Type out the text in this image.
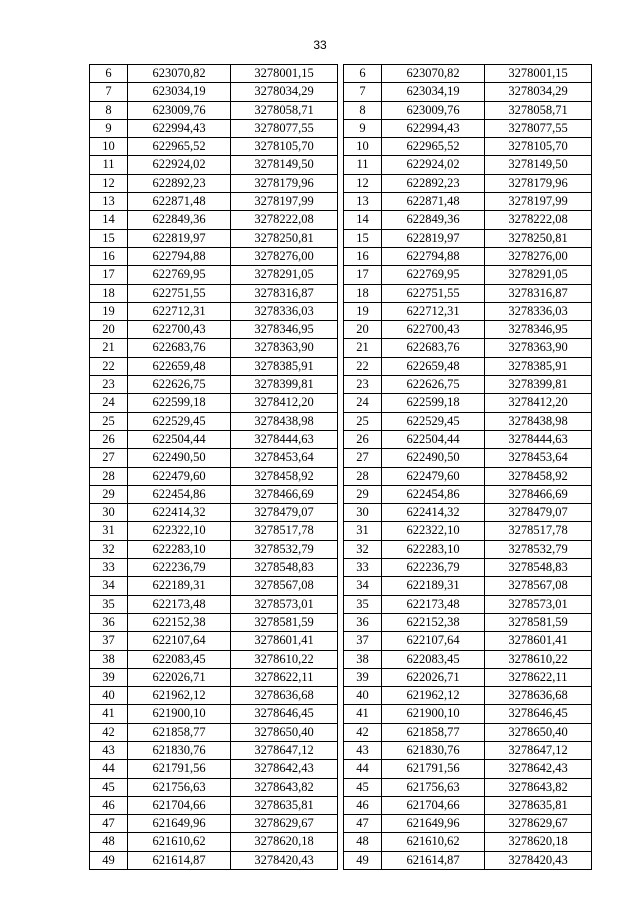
33
6	623070,82	3278001,15
7	623034,19	3278034,29
8	623009,76	3278058,71
9	622994,43	3278077,55
10	622965,52	3278105,70
11	622924,02	3278149,50
12	622892,23	3278179,96
13	622871,48	3278197,99
14	622849,36	3278222,08
15	622819,97	3278250,81
16	622794,88	3278276,00
17	622769,95	3278291,05
18	622751,55	3278316,87
19	622712,31	3278336,03
20	622700,43	3278346,95
21	622683,76	3278363,90
22	622659,48	3278385,91
23	622626,75	3278399,81
24	622599,18	3278412,20
25	622529,45	3278438,98
26	622504,44	3278444,63
27	622490,50	3278453,64
28	622479,60	3278458,92
29	622454,86	3278466,69
30	622414,32	3278479,07
31	622322,10	3278517,78
32	622283,10	3278532,79
33	622236,79	3278548,83
34	622189,31	3278567,08
35	622173,48	3278573,01
36	622152,38	3278581,59
37	622107,64	3278601,41
38	622083,45	3278610,22
39	622026,71	3278622,11
40	621962,12	3278636,68
41	621900,10	3278646,45
42	621858,77	3278650,40
43	621830,76	3278647,12
44	621791,56	3278642,43
45	621756,63	3278643,82
46	621704,66	3278635,81
47	621649,96	3278629,67
48	621610,62	3278620,18
49	621614,87	3278420,43
6	623070,82	3278001,15
7	623034,19	3278034,29
8	623009,76	3278058,71
9	622994,43	3278077,55
10	622965,52	3278105,70
11	622924,02	3278149,50
12	622892,23	3278179,96
13	622871,48	3278197,99
14	622849,36	3278222,08
15	622819,97	3278250,81
16	622794,88	3278276,00
17	622769,95	3278291,05
18	622751,55	3278316,87
19	622712,31	3278336,03
20	622700,43	3278346,95
21	622683,76	3278363,90
22	622659,48	3278385,91
23	622626,75	3278399,81
24	622599,18	3278412,20
25	622529,45	3278438,98
26	622504,44	3278444,63
27	622490,50	3278453,64
28	622479,60	3278458,92
29	622454,86	3278466,69
30	622414,32	3278479,07
31	622322,10	3278517,78
32	622283,10	3278532,79
33	622236,79	3278548,83
34	622189,31	3278567,08
35	622173,48	3278573,01
36	622152,38	3278581,59
37	622107,64	3278601,41
38	622083,45	3278610,22
39	622026,71	3278622,11
40	621962,12	3278636,68
41	621900,10	3278646,45
42	621858,77	3278650,40
43	621830,76	3278647,12
44	621791,56	3278642,43
45	621756,63	3278643,82
46	621704,66	3278635,81
47	621649,96	3278629,67
48	621610,62	3278620,18
49	621614,87	3278420,43
